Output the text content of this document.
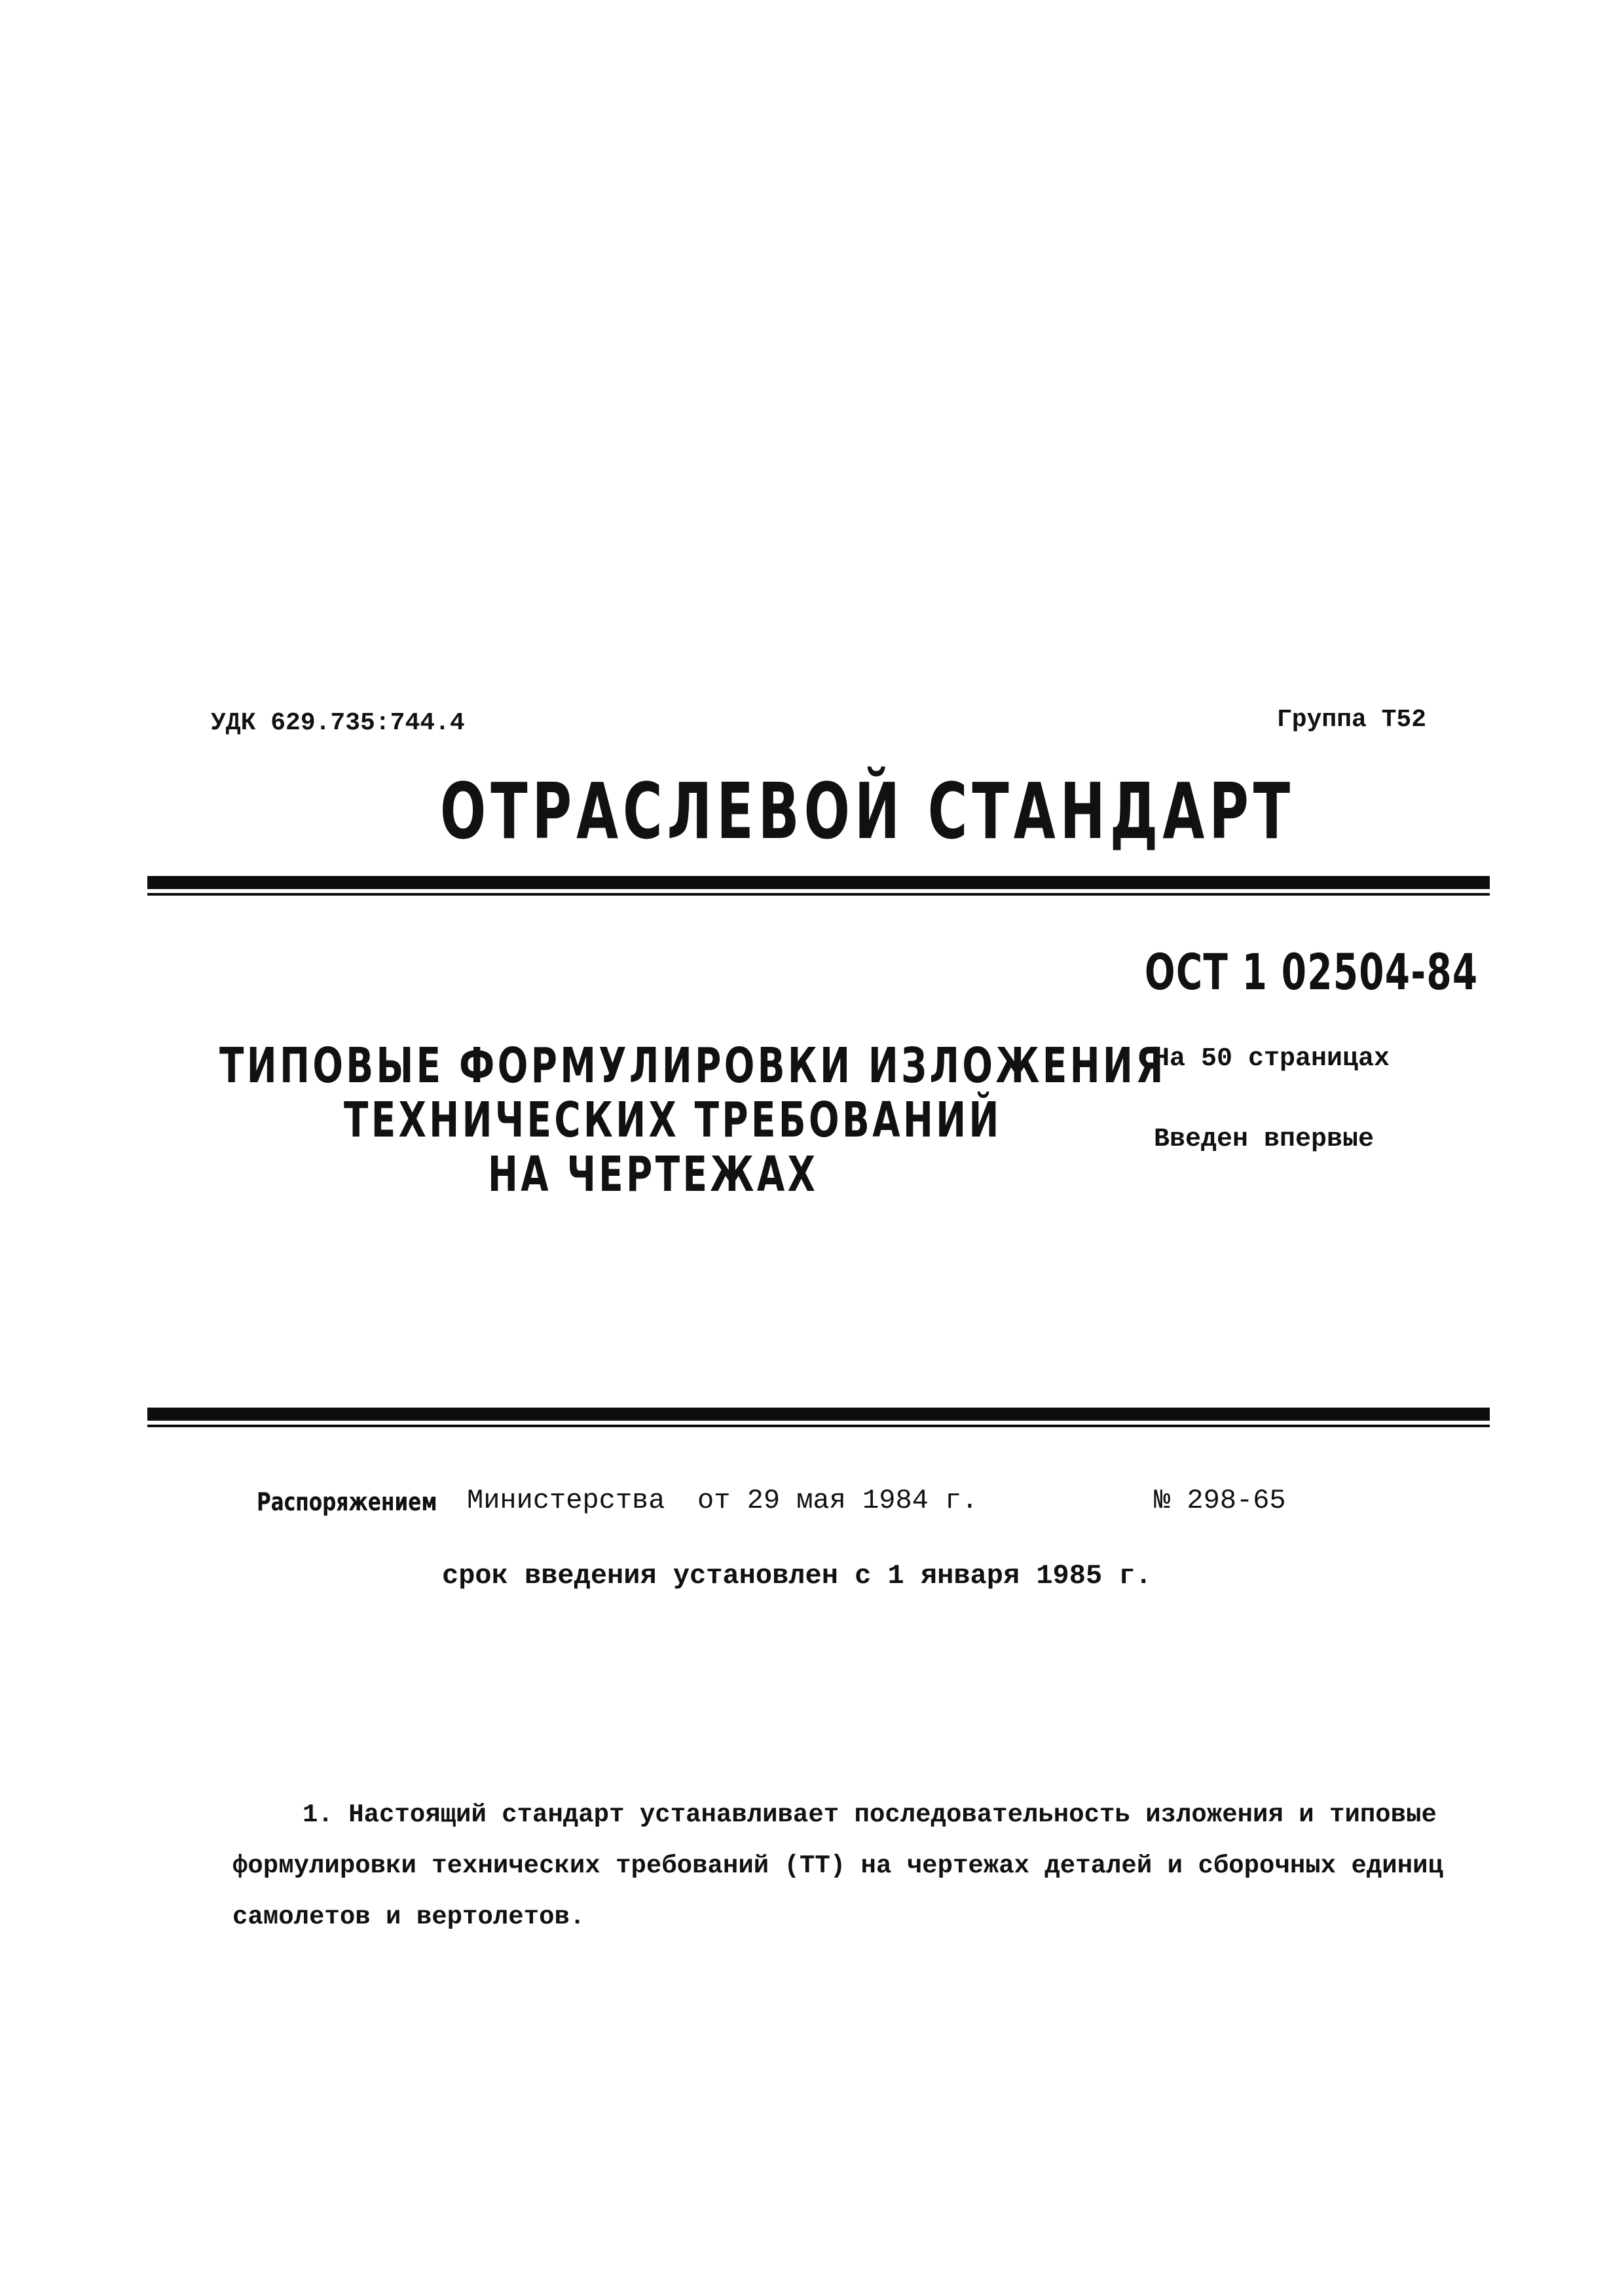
УДК 629.735:744.4	Группа Т52
ОТРАСЛЕВОЙ СТАНДАРТ
ОСТ 1 02504-84
ТИПОВЫЕ ФОРМУЛИРОВКИ ИЗЛОЖЕНИЯ
ТЕХНИЧЕСКИХ ТРЕБОВАНИЙ
НА ЧЕРТЕЖАХ
На 50 страницах
Введен впервые
Распоряжением Министерства от 29 мая 1984 г.	№ 298-65
срок введения установлен с 1 января 1985 г.
1. Настоящий стандарт устанавливает последовательность изложения и типовые
формулировки технических требований (ТТ) на чертежах деталей и сборочных единиц
самолетов и вертолетов.
